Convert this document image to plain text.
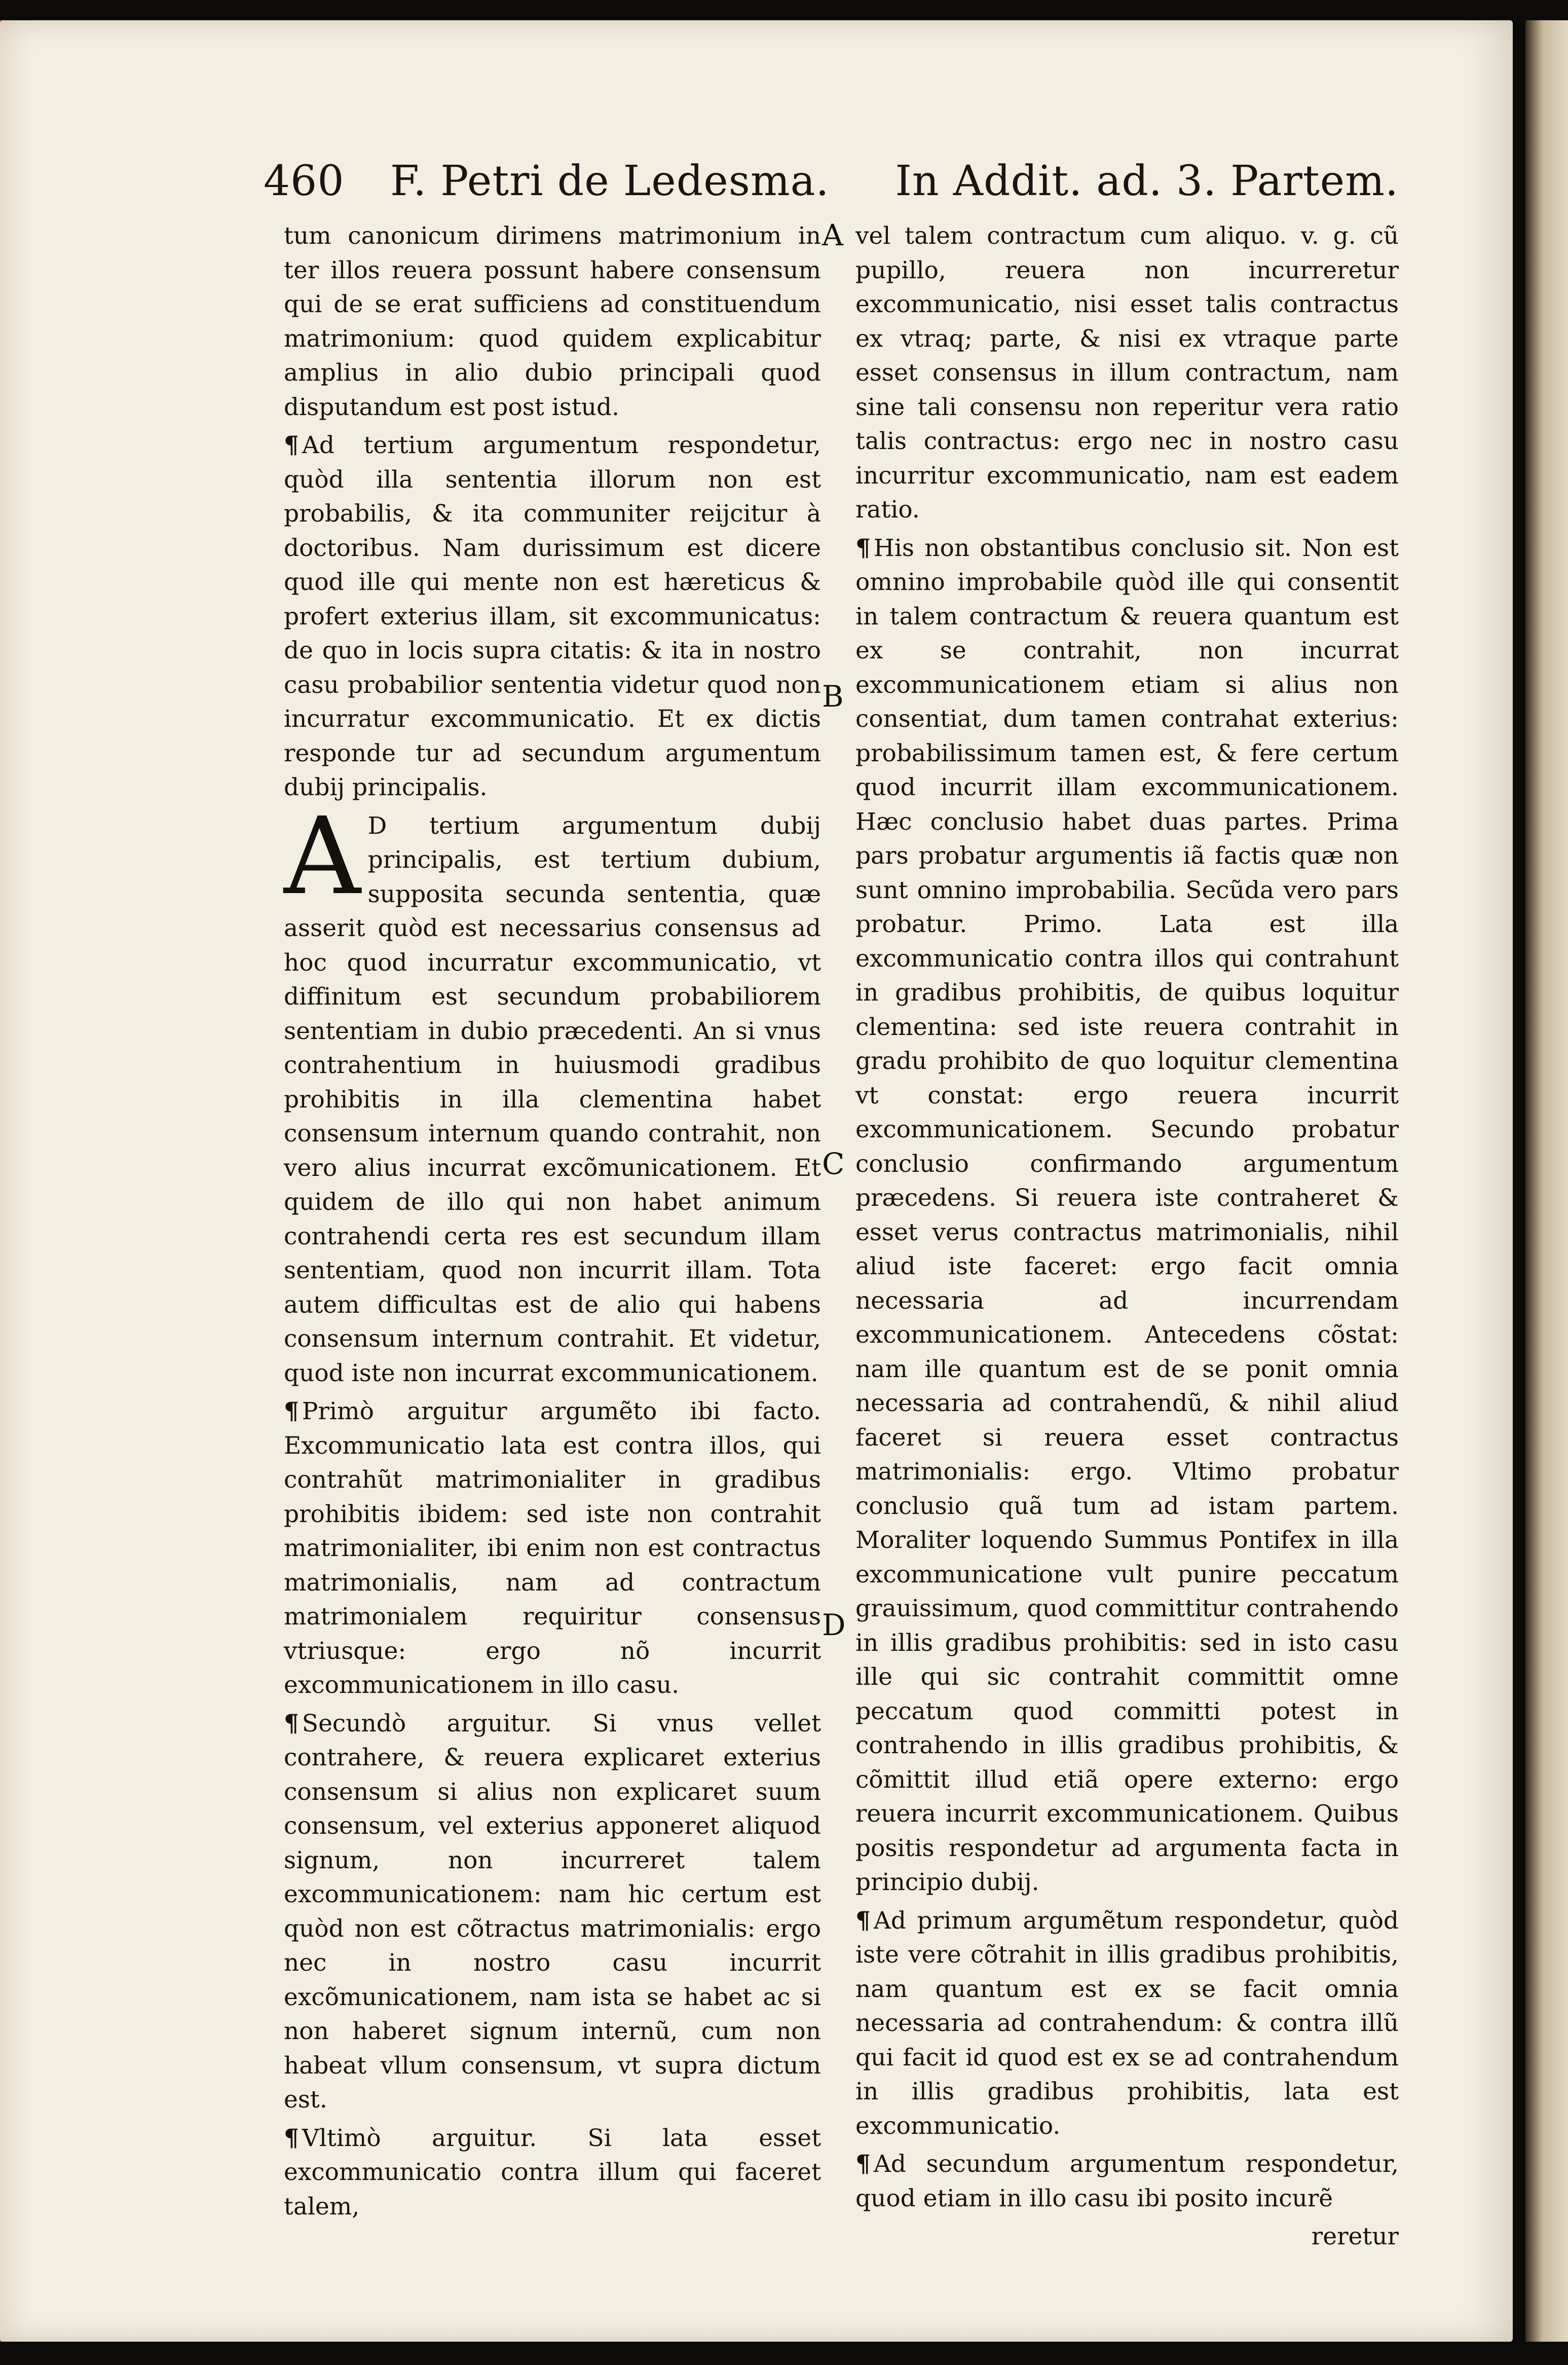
460 F. Petri de Ledesma. In Addit. ad. 3. Partem.
A
B
C
D

tum canonicum dirimens matrimonium in ter illos reuera possunt habere consensum qui de se erat sufficiens ad constituendum matrimonium: quod quidem explicabitur amplius in alio dubio principali quod disputandum est post istud.

¶ Ad tertium argumentum respondetur, quòd illa sententia illorum non est probabilis, & ita communiter reijcitur à doctoribus. Nam durissimum est dicere quod ille qui mente non est hæreticus & profert exterius illam, sit excommunicatus: de quo in locis supra citatis: & ita in nostro casu probabilior sententia videtur quod non incurratur excommunicatio. Et ex dictis responde tur ad secundum argumentum dubij principalis.

A D tertium argumentum dubij principalis, est tertium dubium, supposita secunda sententia, quæ asserit quòd est necessarius consensus ad hoc quod incurratur excommunicatio, vt diffinitum est secundum probabiliorem sententiam in dubio præcedenti. An si vnus contrahentium in huiusmodi gradibus prohibitis in illa clementina habet consensum internum quando contrahit, non vero alius incurrat excõmunicationem. Et quidem de illo qui non habet animum contrahendi certa res est secundum illam sententiam, quod non incurrit illam. Tota autem difficultas est de alio qui habens consensum internum contrahit. Et videtur, quod iste non incurrat excommunicationem.

¶ Primò arguitur argumẽto ibi facto. Excommunicatio lata est contra illos, qui contrahũt matrimonialiter in gradibus prohibitis ibidem: sed iste non contrahit matrimonialiter, ibi enim non est contractus matrimonialis, nam ad contractum matrimonialem requiritur consensus vtriusque: ergo nõ incurrit excommunicationem in illo casu.

¶ Secundò arguitur. Si vnus vellet contrahere, & reuera explicaret exterius consensum si alius non explicaret suum consensum, vel exterius apponeret aliquod signum, non incurreret talem excommunicationem: nam hic certum est quòd non est cõtractus matrimonialis: ergo nec in nostro casu incurrit excõmunicationem, nam ista se habet ac si non haberet signum internũ, cum non habeat vllum consensum, vt supra dictum est.

¶ Vltimò arguitur. Si lata esset excommunicatio contra illum qui faceret talem,

vel talem contractum cum aliquo. v. g. cũ pupillo, reuera non incurreretur excommunicatio, nisi esset talis contractus ex vtraq; parte, & nisi ex vtraque parte esset consensus in illum contractum, nam sine tali consensu non reperitur vera ratio talis contractus: ergo nec in nostro casu incurritur excommunicatio, nam est eadem ratio.

¶ His non obstantibus conclusio sit. Non est omnino improbabile quòd ille qui consentit in talem contractum & reuera quantum est ex se contrahit, non incurrat excommunicationem etiam si alius non consentiat, dum tamen contrahat exterius: probabilissimum tamen est, & fere certum quod incurrit illam excommunicationem. Hæc conclusio habet duas partes. Prima pars probatur argumentis iã factis quæ non sunt omnino improbabilia. Secũda vero pars probatur. Primo. Lata est illa excommunicatio contra illos qui contrahunt in gradibus prohibitis, de quibus loquitur clementina: sed iste reuera contrahit in gradu prohibito de quo loquitur clementina vt constat: ergo reuera incurrit excommunicationem. Secundo probatur conclusio confirmando argumentum præcedens. Si reuera iste contraheret & esset verus contractus matrimonialis, nihil aliud iste faceret: ergo facit omnia necessaria ad incurrendam excommunicationem. Antecedens cõstat: nam ille quantum est de se ponit omnia necessaria ad contrahendũ, & nihil aliud faceret si reuera esset contractus matrimonialis: ergo. Vltimo probatur conclusio quã tum ad istam partem. Moraliter loquendo Summus Pontifex in illa excommunicatione vult punire peccatum grauissimum, quod committitur contrahendo in illis gradibus prohibitis: sed in isto casu ille qui sic contrahit committit omne peccatum quod committi potest in contrahendo in illis gradibus prohibitis, & cõmittit illud etiã opere externo: ergo reuera incurrit excommunicationem. Quibus positis respondetur ad argumenta facta in principio dubij.

¶ Ad primum argumẽtum respondetur, quòd iste vere cõtrahit in illis gradibus prohibitis, nam quantum est ex se facit omnia necessaria ad contrahendum: & contra illũ qui facit id quod est ex se ad contrahendum in illis gradibus prohibitis, lata est excommunicatio.

¶ Ad secundum argumentum respondetur, quod etiam in illo casu ibi posito incurẽ

reretur
